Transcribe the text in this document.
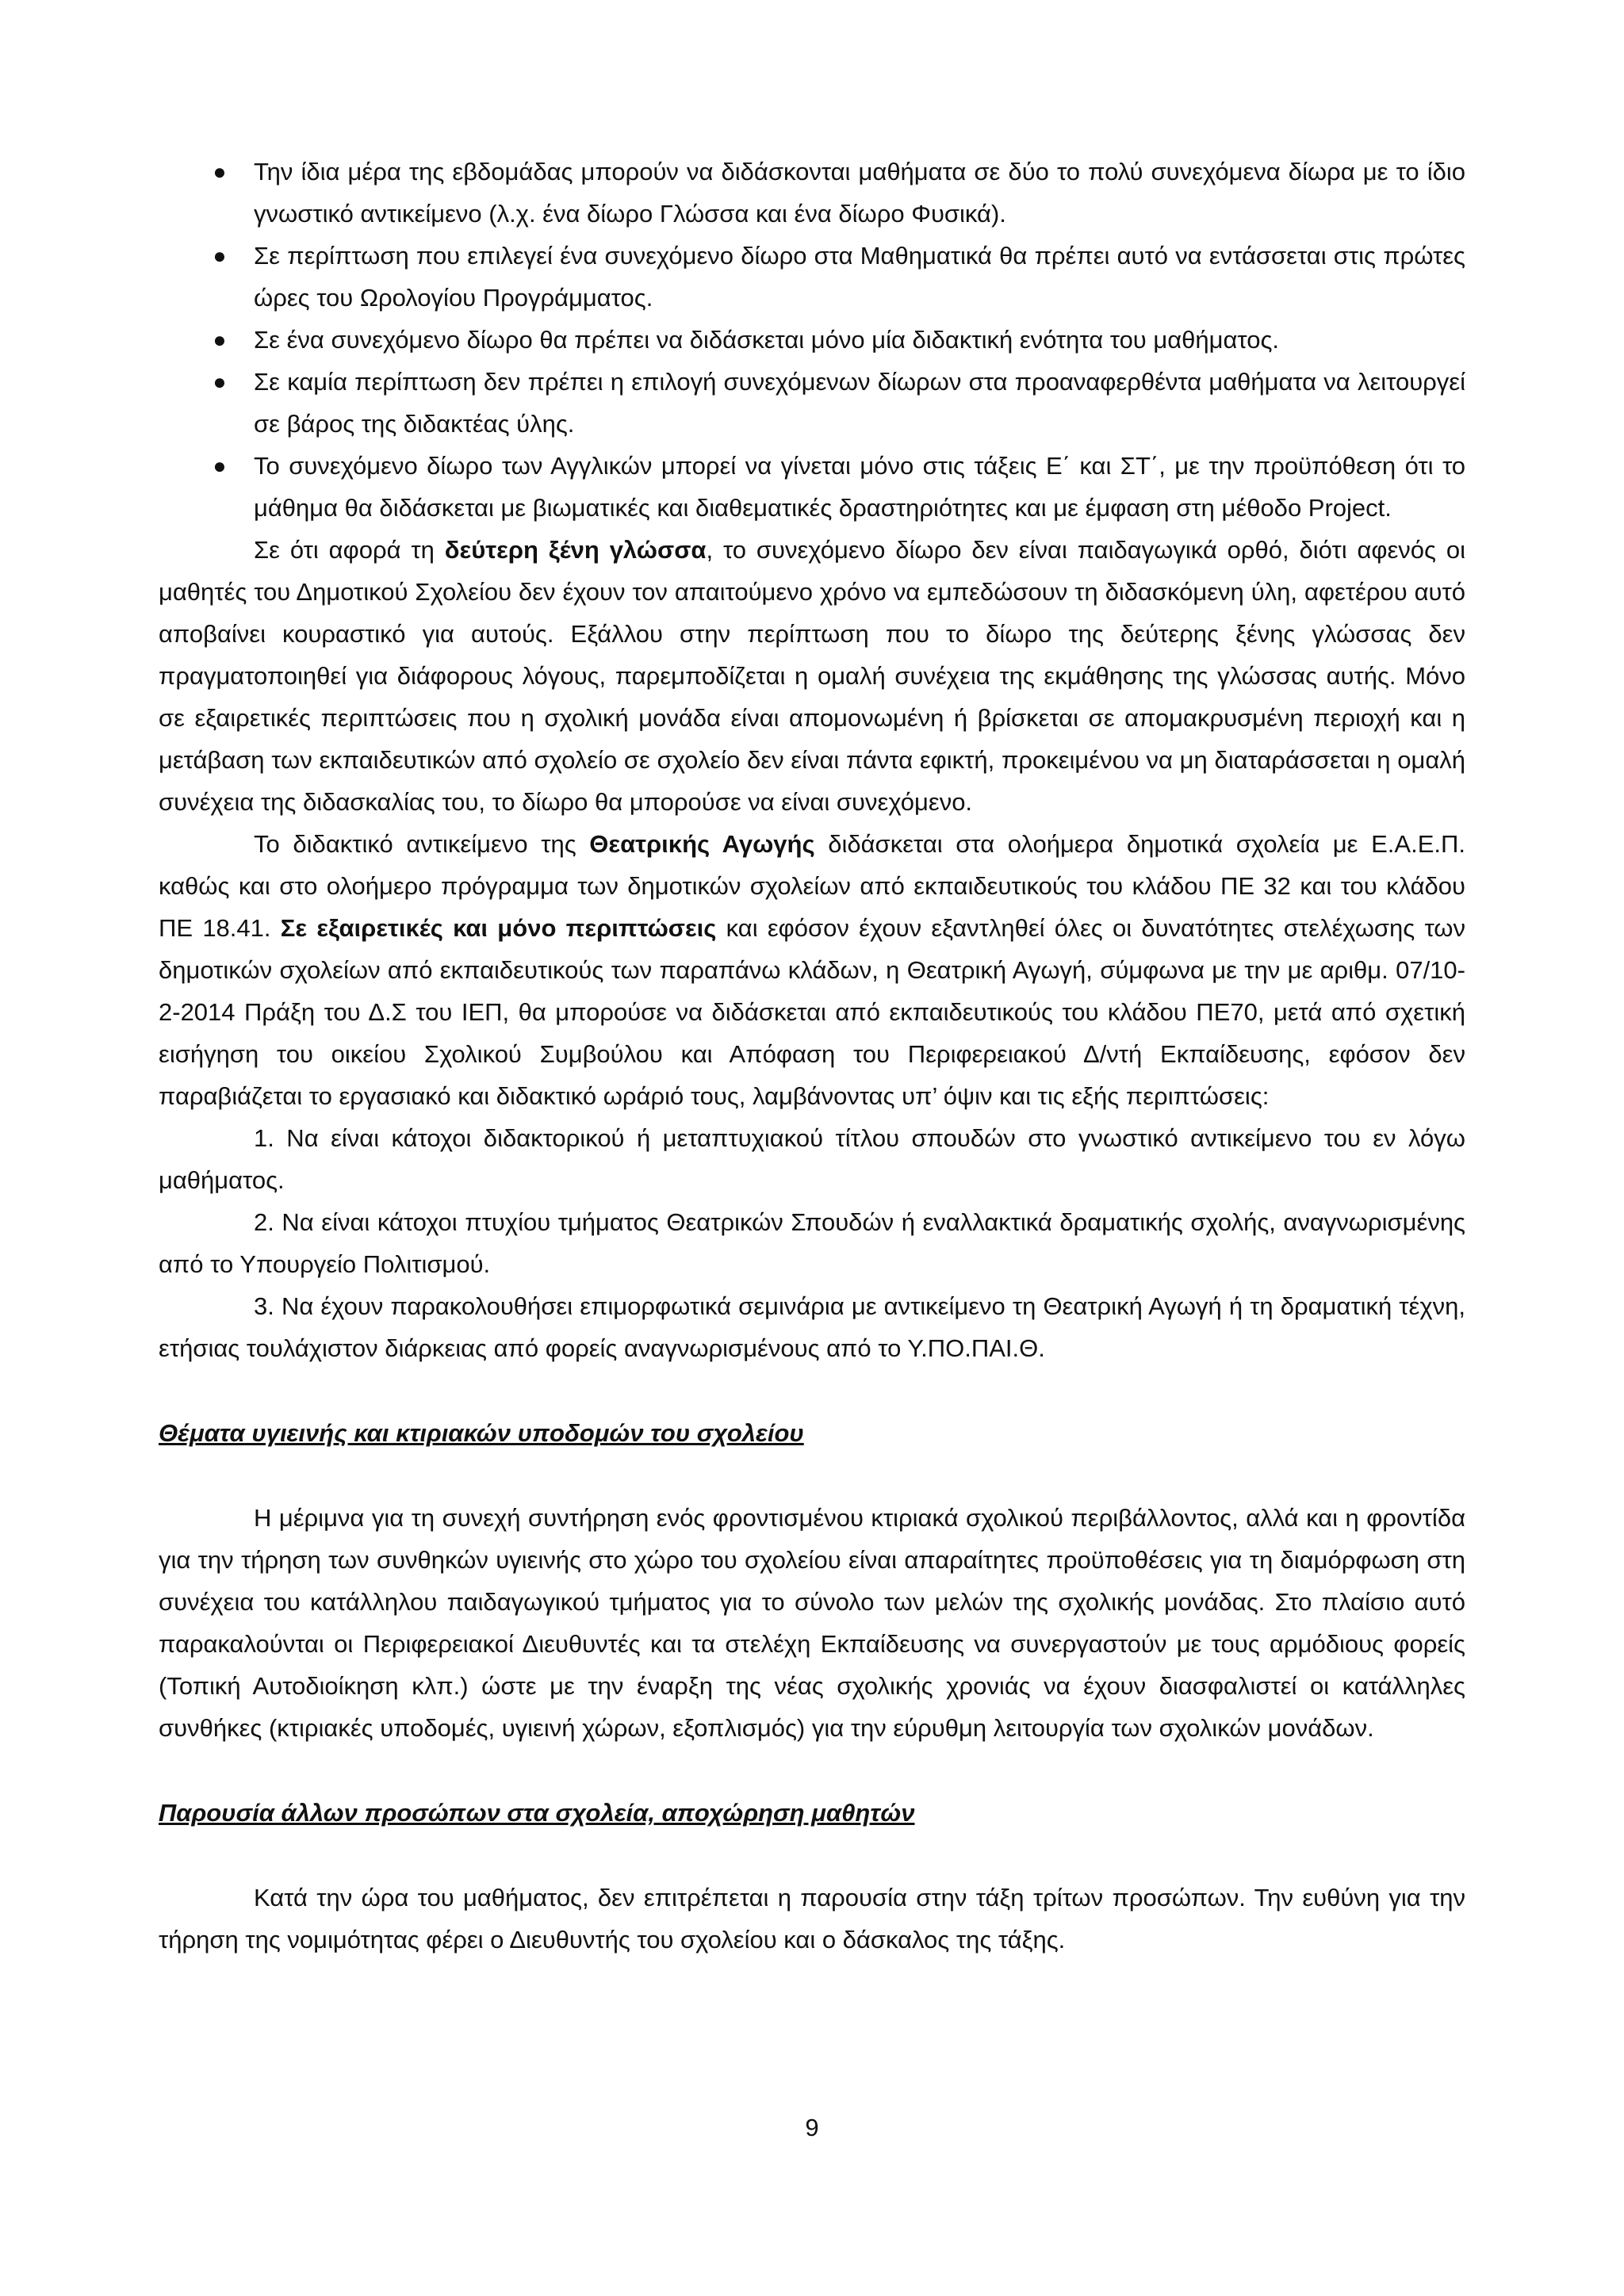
● Την ίδια μέρα της εβδομάδας μπορούν να διδάσκονται μαθήματα σε δύο το πολύ συνεχόμενα δίωρα με το ίδιο γνωστικό αντικείμενο (λ.χ. ένα δίωρο Γλώσσα και ένα δίωρο Φυσικά).
● Σε περίπτωση που επιλεγεί ένα συνεχόμενο δίωρο στα Μαθηματικά θα πρέπει αυτό να εντάσσεται στις πρώτες ώρες του Ωρολογίου Προγράμματος.
● Σε ένα συνεχόμενο δίωρο θα πρέπει να διδάσκεται μόνο μία διδακτική ενότητα του μαθήματος.
● Σε καμία περίπτωση δεν πρέπει η επιλογή συνεχόμενων δίωρων στα προαναφερθέντα μαθήματα να λειτουργεί σε βάρος της διδακτέας ύλης.
● Το συνεχόμενο δίωρο των Αγγλικών μπορεί να γίνεται μόνο στις τάξεις Ε΄ και ΣΤ΄, με την προϋπόθεση ότι το μάθημα θα διδάσκεται με βιωματικές και διαθεματικές δραστηριότητες και με έμφαση στη μέθοδο Project.

Σε ότι αφορά τη δεύτερη ξένη γλώσσα, το συνεχόμενο δίωρο δεν είναι παιδαγωγικά ορθό, διότι αφενός οι μαθητές του Δημοτικού Σχολείου δεν έχουν τον απαιτούμενο χρόνο να εμπεδώσουν τη διδασκόμενη ύλη, αφετέρου αυτό αποβαίνει κουραστικό για αυτούς. Εξάλλου στην περίπτωση που το δίωρο της δεύτερης ξένης γλώσσας δεν πραγματοποιηθεί για διάφορους λόγους, παρεμποδίζεται η ομαλή συνέχεια της εκμάθησης της γλώσσας αυτής. Μόνο σε εξαιρετικές περιπτώσεις που η σχολική μονάδα είναι απομονωμένη ή βρίσκεται σε απομακρυσμένη περιοχή και η μετάβαση των εκπαιδευτικών από σχολείο σε σχολείο δεν είναι πάντα εφικτή, προκειμένου να μη διαταράσσεται η ομαλή συνέχεια της διδασκαλίας του, το δίωρο θα μπορούσε να είναι συνεχόμενο.

Το διδακτικό αντικείμενο της Θεατρικής Αγωγής διδάσκεται στα ολοήμερα δημοτικά σχολεία με Ε.Α.Ε.Π. καθώς και στο ολοήμερο πρόγραμμα των δημοτικών σχολείων από εκπαιδευτικούς του κλάδου ΠΕ 32 και του κλάδου ΠΕ 18.41. Σε εξαιρετικές και μόνο περιπτώσεις και εφόσον έχουν εξαντληθεί όλες οι δυνατότητες στελέχωσης των δημοτικών σχολείων από εκπαιδευτικούς των παραπάνω κλάδων, η Θεατρική Αγωγή, σύμφωνα με την με αριθμ. 07/10-2-2014 Πράξη του Δ.Σ του ΙΕΠ, θα μπορούσε να διδάσκεται από εκπαιδευτικούς του κλάδου ΠΕ70, μετά από σχετική εισήγηση του οικείου Σχολικού Συμβούλου και Απόφαση του Περιφερειακού Δ/ντή Εκπαίδευσης, εφόσον δεν παραβιάζεται το εργασιακό και διδακτικό ωράριό τους, λαμβάνοντας υπ’ όψιν και τις εξής περιπτώσεις:

1. Να είναι κάτοχοι διδακτορικού ή μεταπτυχιακού τίτλου σπουδών στο γνωστικό αντικείμενο του εν λόγω μαθήματος.

2. Να είναι κάτοχοι πτυχίου τμήματος Θεατρικών Σπουδών ή εναλλακτικά δραματικής σχολής, αναγνωρισμένης από το Υπουργείο Πολιτισμού.

3. Να έχουν παρακολουθήσει επιμορφωτικά σεμινάρια με αντικείμενο τη Θεατρική Αγωγή ή τη δραματική τέχνη, ετήσιας τουλάχιστον διάρκειας από φορείς αναγνωρισμένους από το Υ.ΠΟ.ΠΑΙ.Θ.

Θέματα υγιεινής και κτιριακών υποδομών του σχολείου

Η μέριμνα για τη συνεχή συντήρηση ενός φροντισμένου κτιριακά σχολικού περιβάλλοντος, αλλά και η φροντίδα για την τήρηση των συνθηκών υγιεινής στο χώρο του σχολείου είναι απαραίτητες προϋποθέσεις για τη διαμόρφωση στη συνέχεια του κατάλληλου παιδαγωγικού τμήματος για το σύνολο των μελών της σχολικής μονάδας. Στο πλαίσιο αυτό παρακαλούνται οι Περιφερειακοί Διευθυντές και τα στελέχη Εκπαίδευσης να συνεργαστούν με τους αρμόδιους φορείς (Τοπική Αυτοδιοίκηση κλπ.) ώστε με την έναρξη της νέας σχολικής χρονιάς να έχουν διασφαλιστεί οι κατάλληλες συνθήκες (κτιριακές υποδομές, υγιεινή χώρων, εξοπλισμός) για την εύρυθμη λειτουργία των σχολικών μονάδων.

Παρουσία άλλων προσώπων στα σχολεία, αποχώρηση μαθητών

Κατά την ώρα του μαθήματος, δεν επιτρέπεται η παρουσία στην τάξη τρίτων προσώπων. Την ευθύνη για την τήρηση της νομιμότητας φέρει ο Διευθυντής του σχολείου και ο δάσκαλος της τάξης.

9
